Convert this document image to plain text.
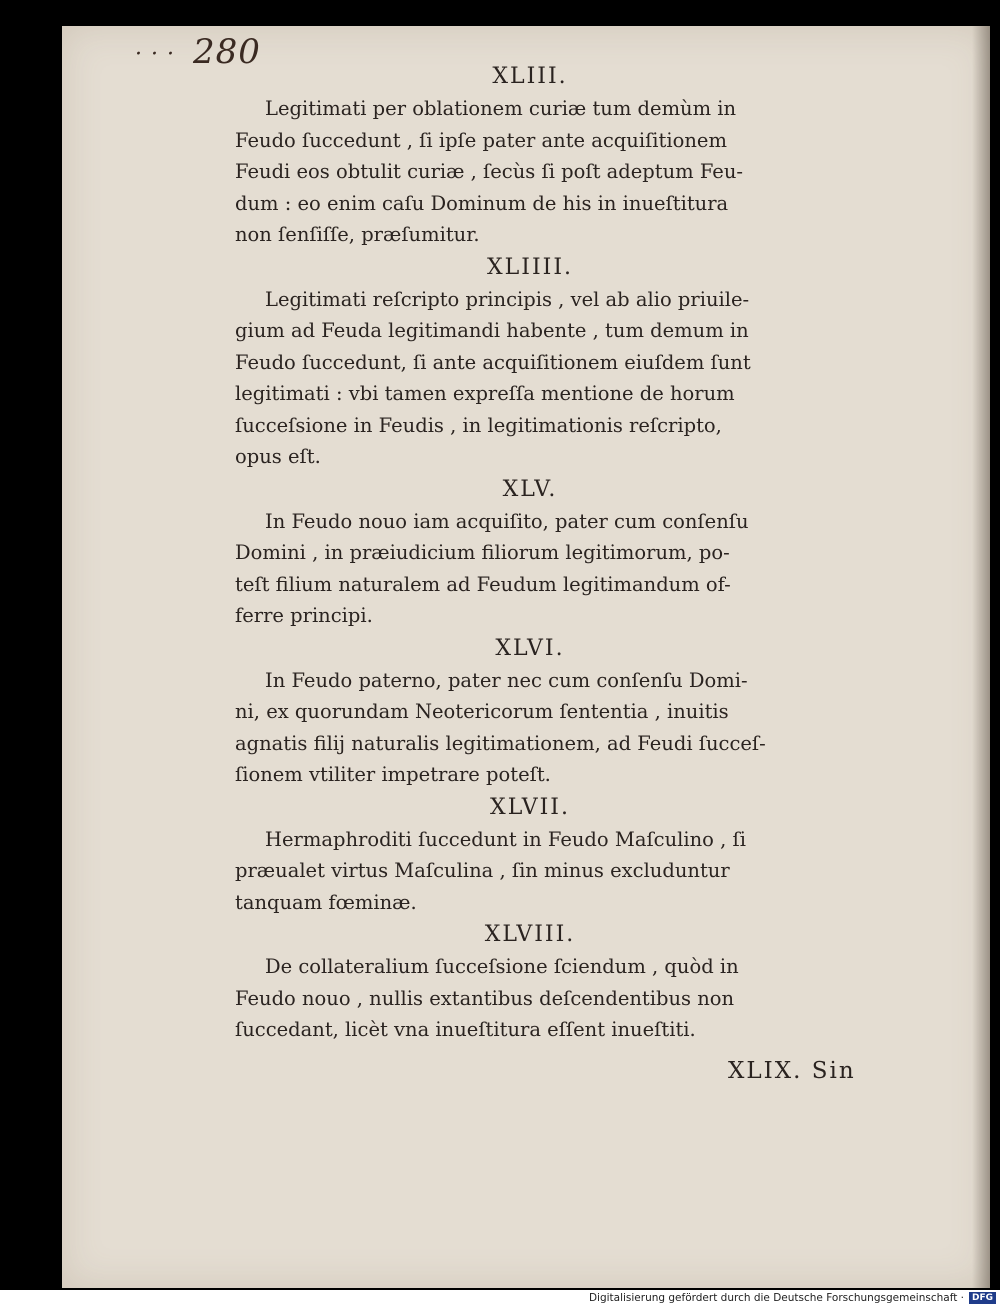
· · · 280

XLIII.

Legitimati per oblationem curiæ tum demùm in
Feudo ſuccedunt , ſi ipſe pater ante acquiſitionem
Feudi eos obtulit curiæ , ſecùs ſi poſt adeptum Feu-
dum : eo enim caſu Dominum de his in inueſtitura
non ſenſiſſe, præſumitur.

XLIIII.

Legitimati reſcripto principis , vel ab alio priuile-
gium ad Feuda legitimandi habente , tum demum in
Feudo ſuccedunt, ſi ante acquiſitionem eiuſdem ſunt
legitimati : vbi tamen expreſſa mentione de horum
ſucceſsione in Feudis , in legitimationis reſcripto,
opus eſt.

XLV.

In Feudo nouo iam acquiſito, pater cum conſenſu
Domini , in præiudicium filiorum legitimorum, po-
teſt filium naturalem ad Feudum legitimandum of-
ferre principi.

XLVI.

In Feudo paterno, pater nec cum conſenſu Domi-
ni, ex quorundam Neotericorum ſententia , inuitis
agnatis filij naturalis legitimationem, ad Feudi ſucceſ-
ſionem vtiliter impetrare poteſt.

XLVII.

Hermaphroditi ſuccedunt in Feudo Maſculino , ſi
præualet virtus Maſculina , ſin minus excluduntur
tanquam fœminæ.

XLVIII.

De collateralium ſucceſsione ſciendum , quòd in
Feudo nouo , nullis extantibus deſcendentibus non
ſuccedant, licèt vna inueſtitura eſſent inueſtiti.

XLIX. Sin
Digitalisierung gefördert durch die Deutsche Forschungsgemeinschaft · DFG
